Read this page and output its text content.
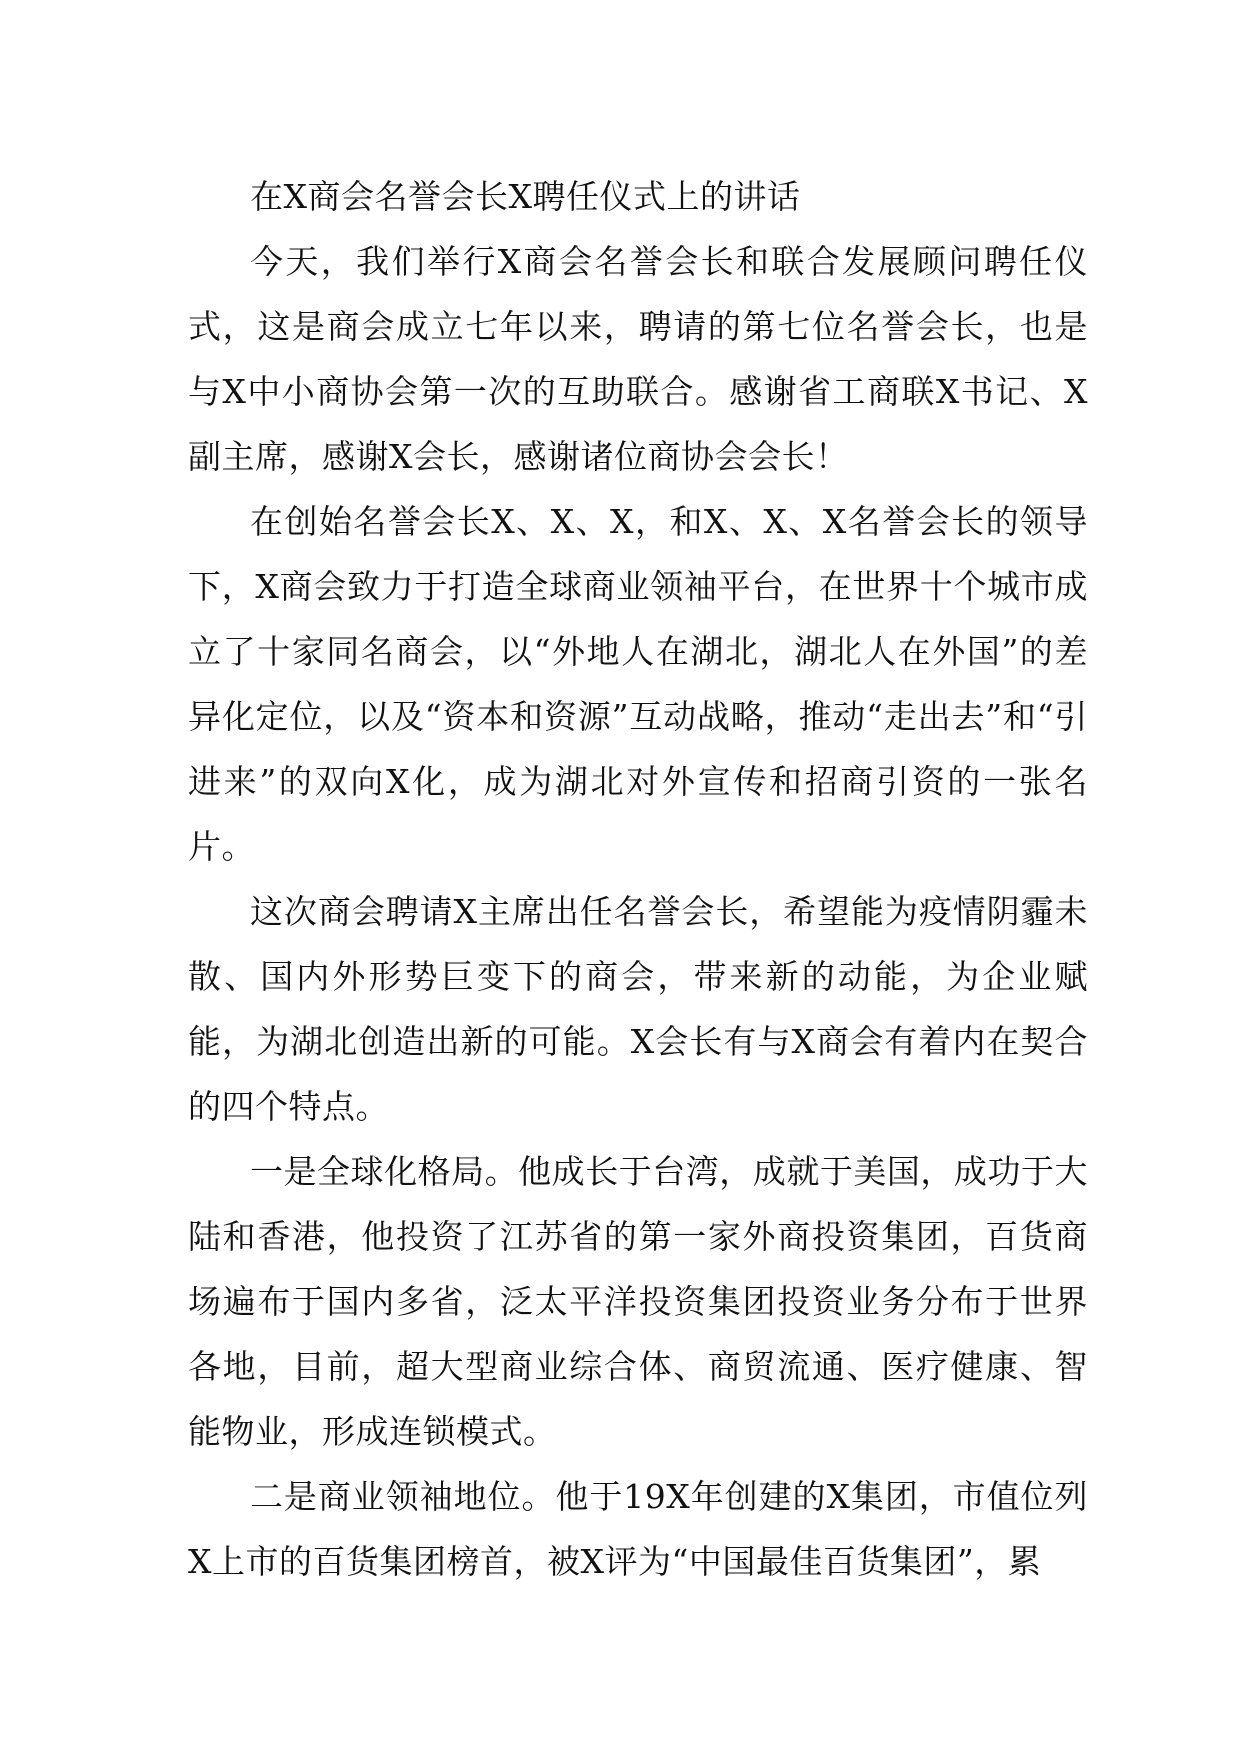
在X商会名誉会长X聘任仪式上的讲话

今天，我们举行X商会名誉会长和联合发展顾问聘任仪式，这是商会成立七年以来，聘请的第七位名誉会长，也是与X中小商协会第一次的互助联合。感谢省工商联X书记、X副主席，感谢X会长，感谢诸位商协会会长！

在创始名誉会长X、X、X，和X、X、X名誉会长的领导下，X商会致力于打造全球商业领袖平台，在世界十个城市成立了十家同名商会，以“外地人在湖北，湖北人在外国”的差异化定位，以及“资本和资源”互动战略，推动“走出去”和“引进来”的双向X化，成为湖北对外宣传和招商引资的一张名片。

这次商会聘请X主席出任名誉会长，希望能为疫情阴霾未散、国内外形势巨变下的商会，带来新的动能，为企业赋能，为湖北创造出新的可能。X会长有与X商会有着内在契合的四个特点。

一是全球化格局。他成长于台湾，成就于美国，成功于大陆和香港，他投资了江苏省的第一家外商投资集团，百货商场遍布于国内多省，泛太平洋投资集团投资业务分布于世界各地，目前，超大型商业综合体、商贸流通、医疗健康、智能物业，形成连锁模式。

二是商业领袖地位。他于19X年创建的X集团，市值位列X上市的百货集团榜首，被X评为“中国最佳百货集团”，累
